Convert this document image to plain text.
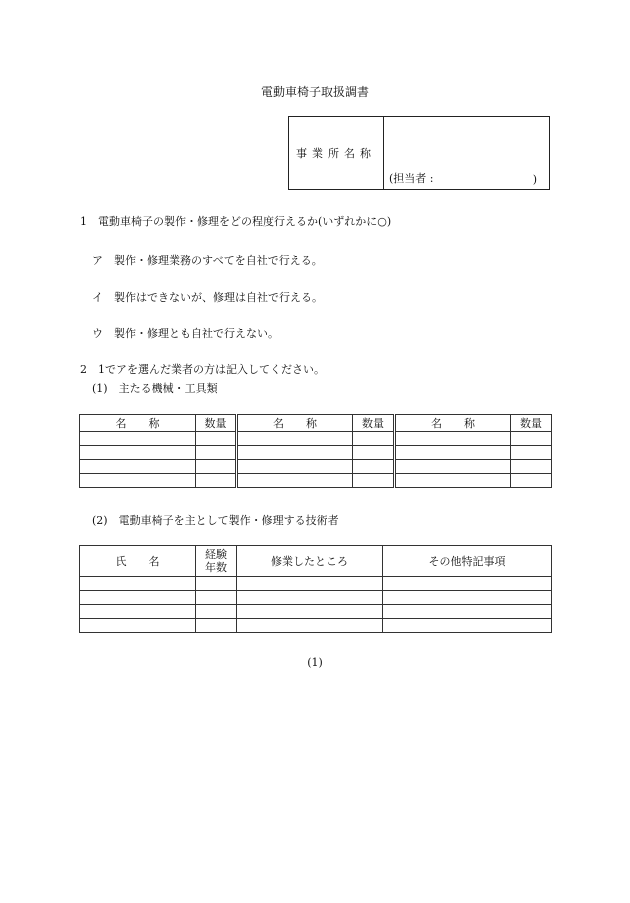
電動車椅子取扱調書
事業所名称
(担当者 :	)
1　電動車椅子の製作・修理をどの程度行えるか(いずれかに○)
ア　製作・修理業務のすべてを自社で行える。
イ　製作はできないが、修理は自社で行える。
ウ　製作・修理とも自社で行えない。
2　1でアを選んだ業者の方は記入してください。
(1)　主たる機械・工具類
名　　称	数量	名　　称	数量	名　　称	数量

(2)　電動車椅子を主として製作・修理する技術者
氏　　名	経験年数	修業したところ	その他特記事項

(1)
